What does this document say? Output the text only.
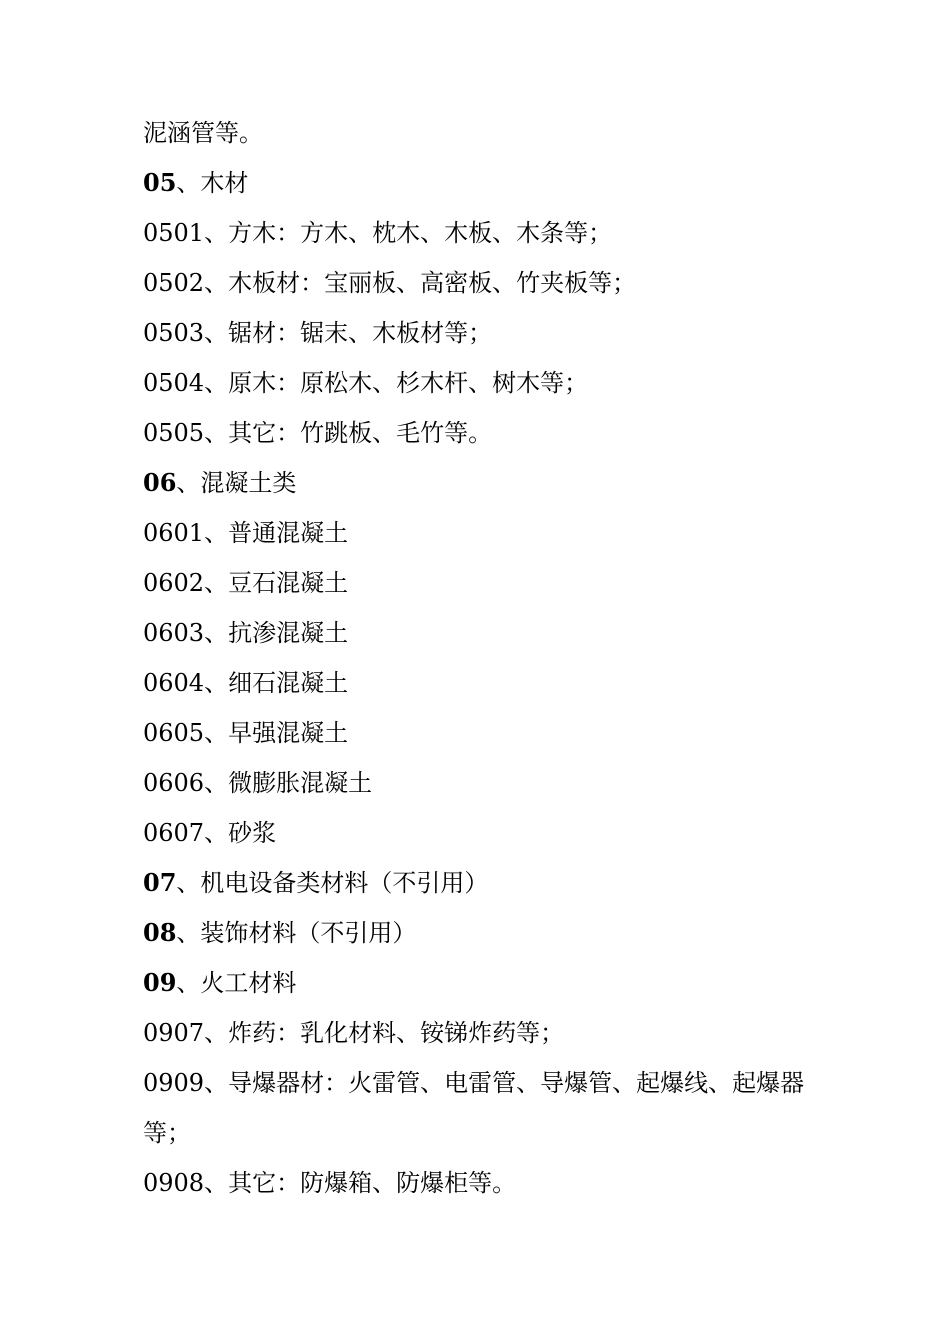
泥涵管等。
05、木材
0501、方木：方木、枕木、木板、木条等；
0502、木板材：宝丽板、高密板、竹夹板等；
0503、锯材：锯末、木板材等；
0504、原木：原松木、杉木杆、树木等；
0505、其它：竹跳板、毛竹等。
06、混凝土类
0601、普通混凝土
0602、豆石混凝土
0603、抗渗混凝土
0604、细石混凝土
0605、早强混凝土
0606、微膨胀混凝土
0607、砂浆
07、机电设备类材料（不引用）
08、装饰材料（不引用）
09、火工材料
0907、炸药：乳化材料、铵锑炸药等；
0909、导爆器材：火雷管、电雷管、导爆管、起爆线、起爆器等；
0908、其它：防爆箱、防爆柜等。
